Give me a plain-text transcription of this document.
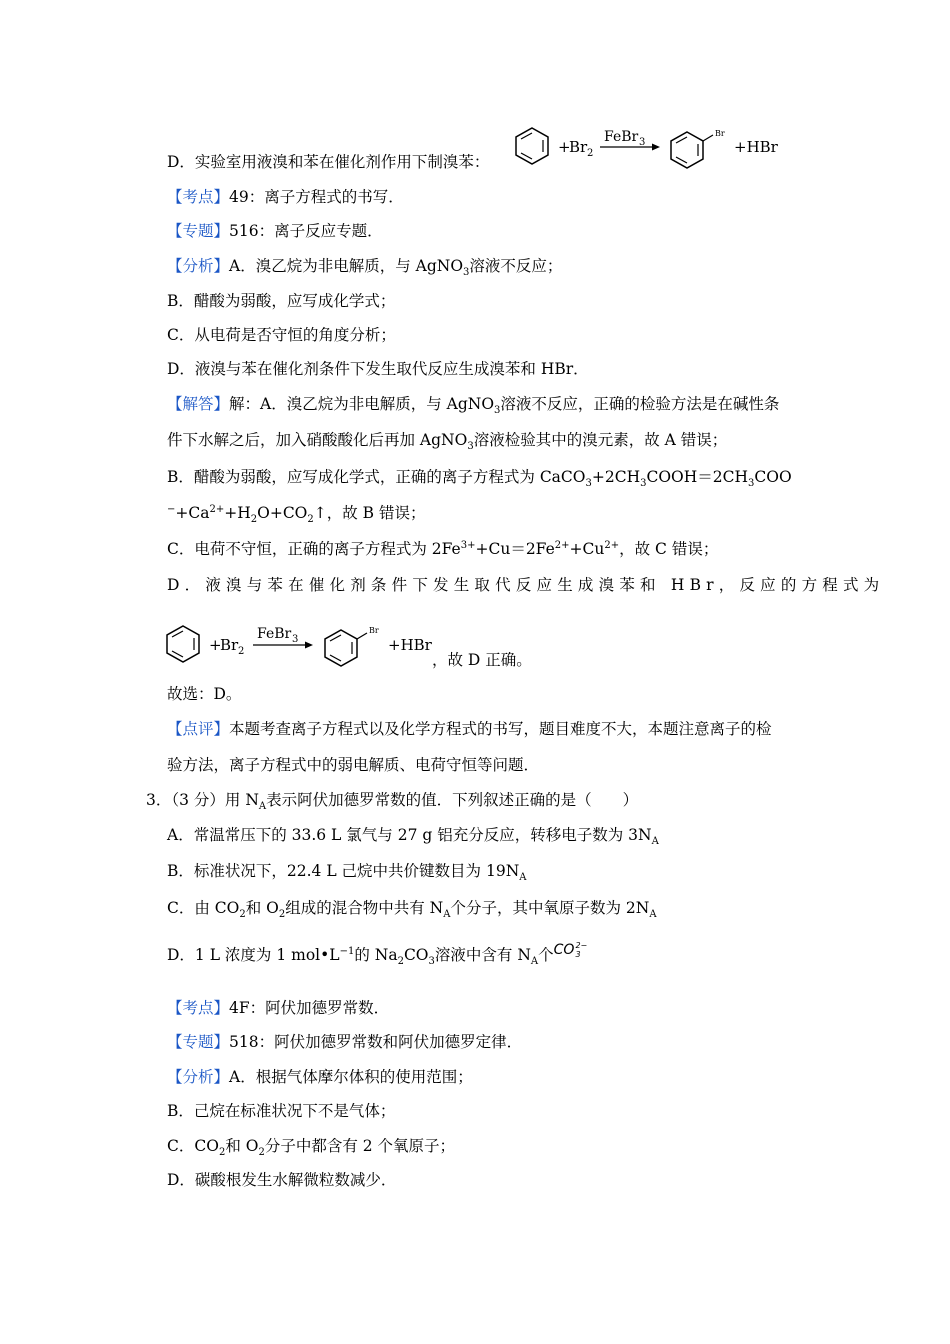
D．实验室用液溴和苯在催化剂作用下制溴苯：
+
Br 2
FeBr 3
Br
+HBr
【考点】49：离子方程式的书写．
【专题】516：离子反应专题．
【分析】A．溴乙烷为非电解质，与 AgNO$_3$溶液不反应；
B．醋酸为弱酸，应写成化学式；
C．从电荷是否守恒的角度分析；
D．液溴与苯在催化剂条件下发生取代反应生成溴苯和 HBr．
【解答】解：A．溴乙烷为非电解质，与 AgNO$_3$溶液不反应，正确的检验方法是在碱性条
件下水解之后，加入硝酸酸化后再加 AgNO$_3$溶液检验其中的溴元素，故 A 错误；
B．醋酸为弱酸，应写成化学式，正确的离子方程式为 $CaCO_3+2CH_3COOH=2CH_3COO$
$^-+Ca^{2+}+H_2O+CO_2↑$，故 B 错误；
C．电荷不守恒，正确的离子方程式为 $2Fe^{3+}+Cu=2Fe^{2+}+Cu^{2+}$，故 C 错误；
D．液溴与苯在催化剂条件下发生取代反应生成溴苯和 HBr，反应的方程式为
+
Br 2
FeBr 3
Br
+HBr
，故 D 正确。
故选：D。
【点评】本题考查离子方程式以及化学方程式的书写，题目难度不大，本题注意离子的检
验方法，离子方程式中的弱电解质、电荷守恒等问题．
3．（3 分）用 $N_A$表示阿伏加德罗常数的值．下列叙述正确的是（　　）
A．常温常压下的 33.6 L 氯气与 27 g 铝充分反应，转移电子数为 $3N_A$
B．标准状况下，22.4 L 己烷中共价键数目为 $19N_A$
C．由 $CO_2$和 $O_2$组成的混合物中共有 $N_A$个分子，其中氧原子数为 $2N_A$
D．1 L 浓度为 1 $mol•L^{-1}$的 $Na_2CO_3$溶液中含有 $N_A$个CO 2−
3
【考点】4F：阿伏加德罗常数．
【专题】518：阿伏加德罗常数和阿伏加德罗定律．
【分析】A．根据气体摩尔体积的使用范围；
B．己烷在标准状况下不是气体；
C．$CO_2$和 $O_2$分子中都含有 2 个氧原子；
D．碳酸根发生水解微粒数减少．
